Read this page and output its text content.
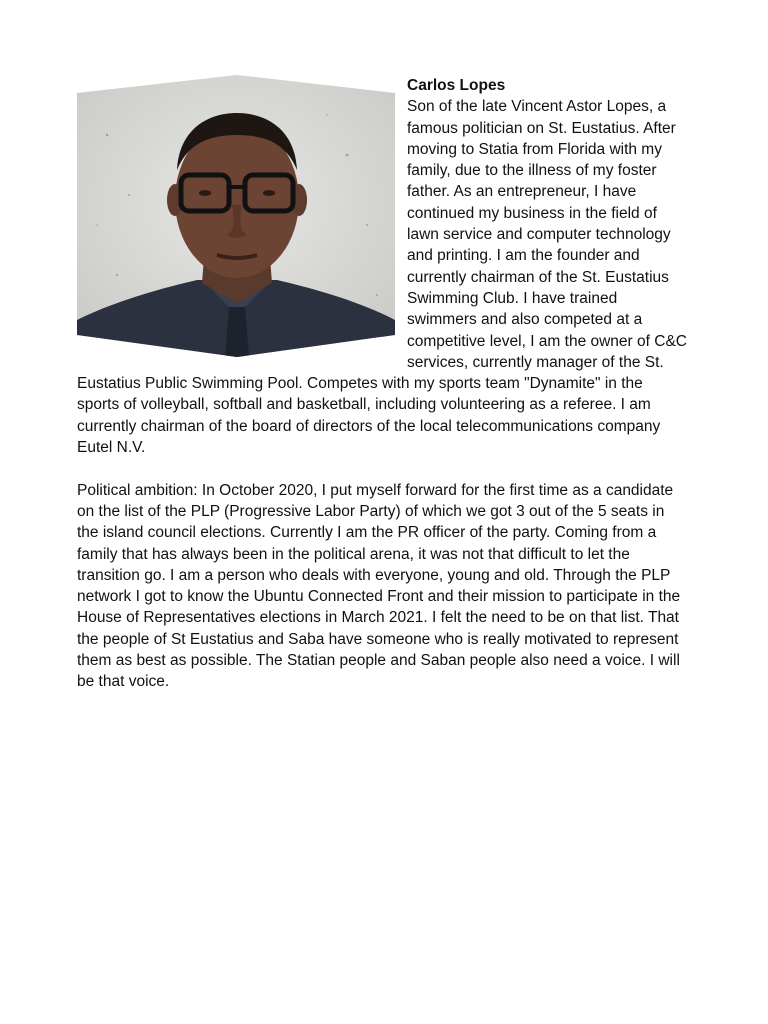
Carlos Lopes

Son of the late Vincent Astor Lopes, a famous politician on St. Eustatius. After moving to Statia from Florida with my family, due to the illness of my foster father. As an entrepreneur, I have continued my business in the field of lawn service and computer technology and printing. I am the founder and currently chairman of the St. Eustatius Swimming Club. I have trained swimmers and also competed at a competitive level, I am the owner of C&C services, currently manager of the St. Eustatius Public Swimming Pool. Competes with my sports team "Dynamite" in the sports of volleyball, softball and basketball, including volunteering as a referee. I am currently chairman of the board of directors of the local telecommunications company Eutel N.V.

Political ambition: In October 2020, I put myself forward for the first time as a candidate on the list of the PLP (Progressive Labor Party) of which we got 3 out of the 5 seats in the island council elections. Currently I am the PR officer of the party. Coming from a family that has always been in the political arena, it was not that difficult to let the transition go. I am a person who deals with everyone, young and old. Through the PLP network I got to know the Ubuntu Connected Front and their mission to participate in the House of Representatives elections in March 2021. I felt the need to be on that list. That the people of St Eustatius and Saba have someone who is really motivated to represent them as best as possible. The Statian people and Saban people also need a voice. I will be that voice.
